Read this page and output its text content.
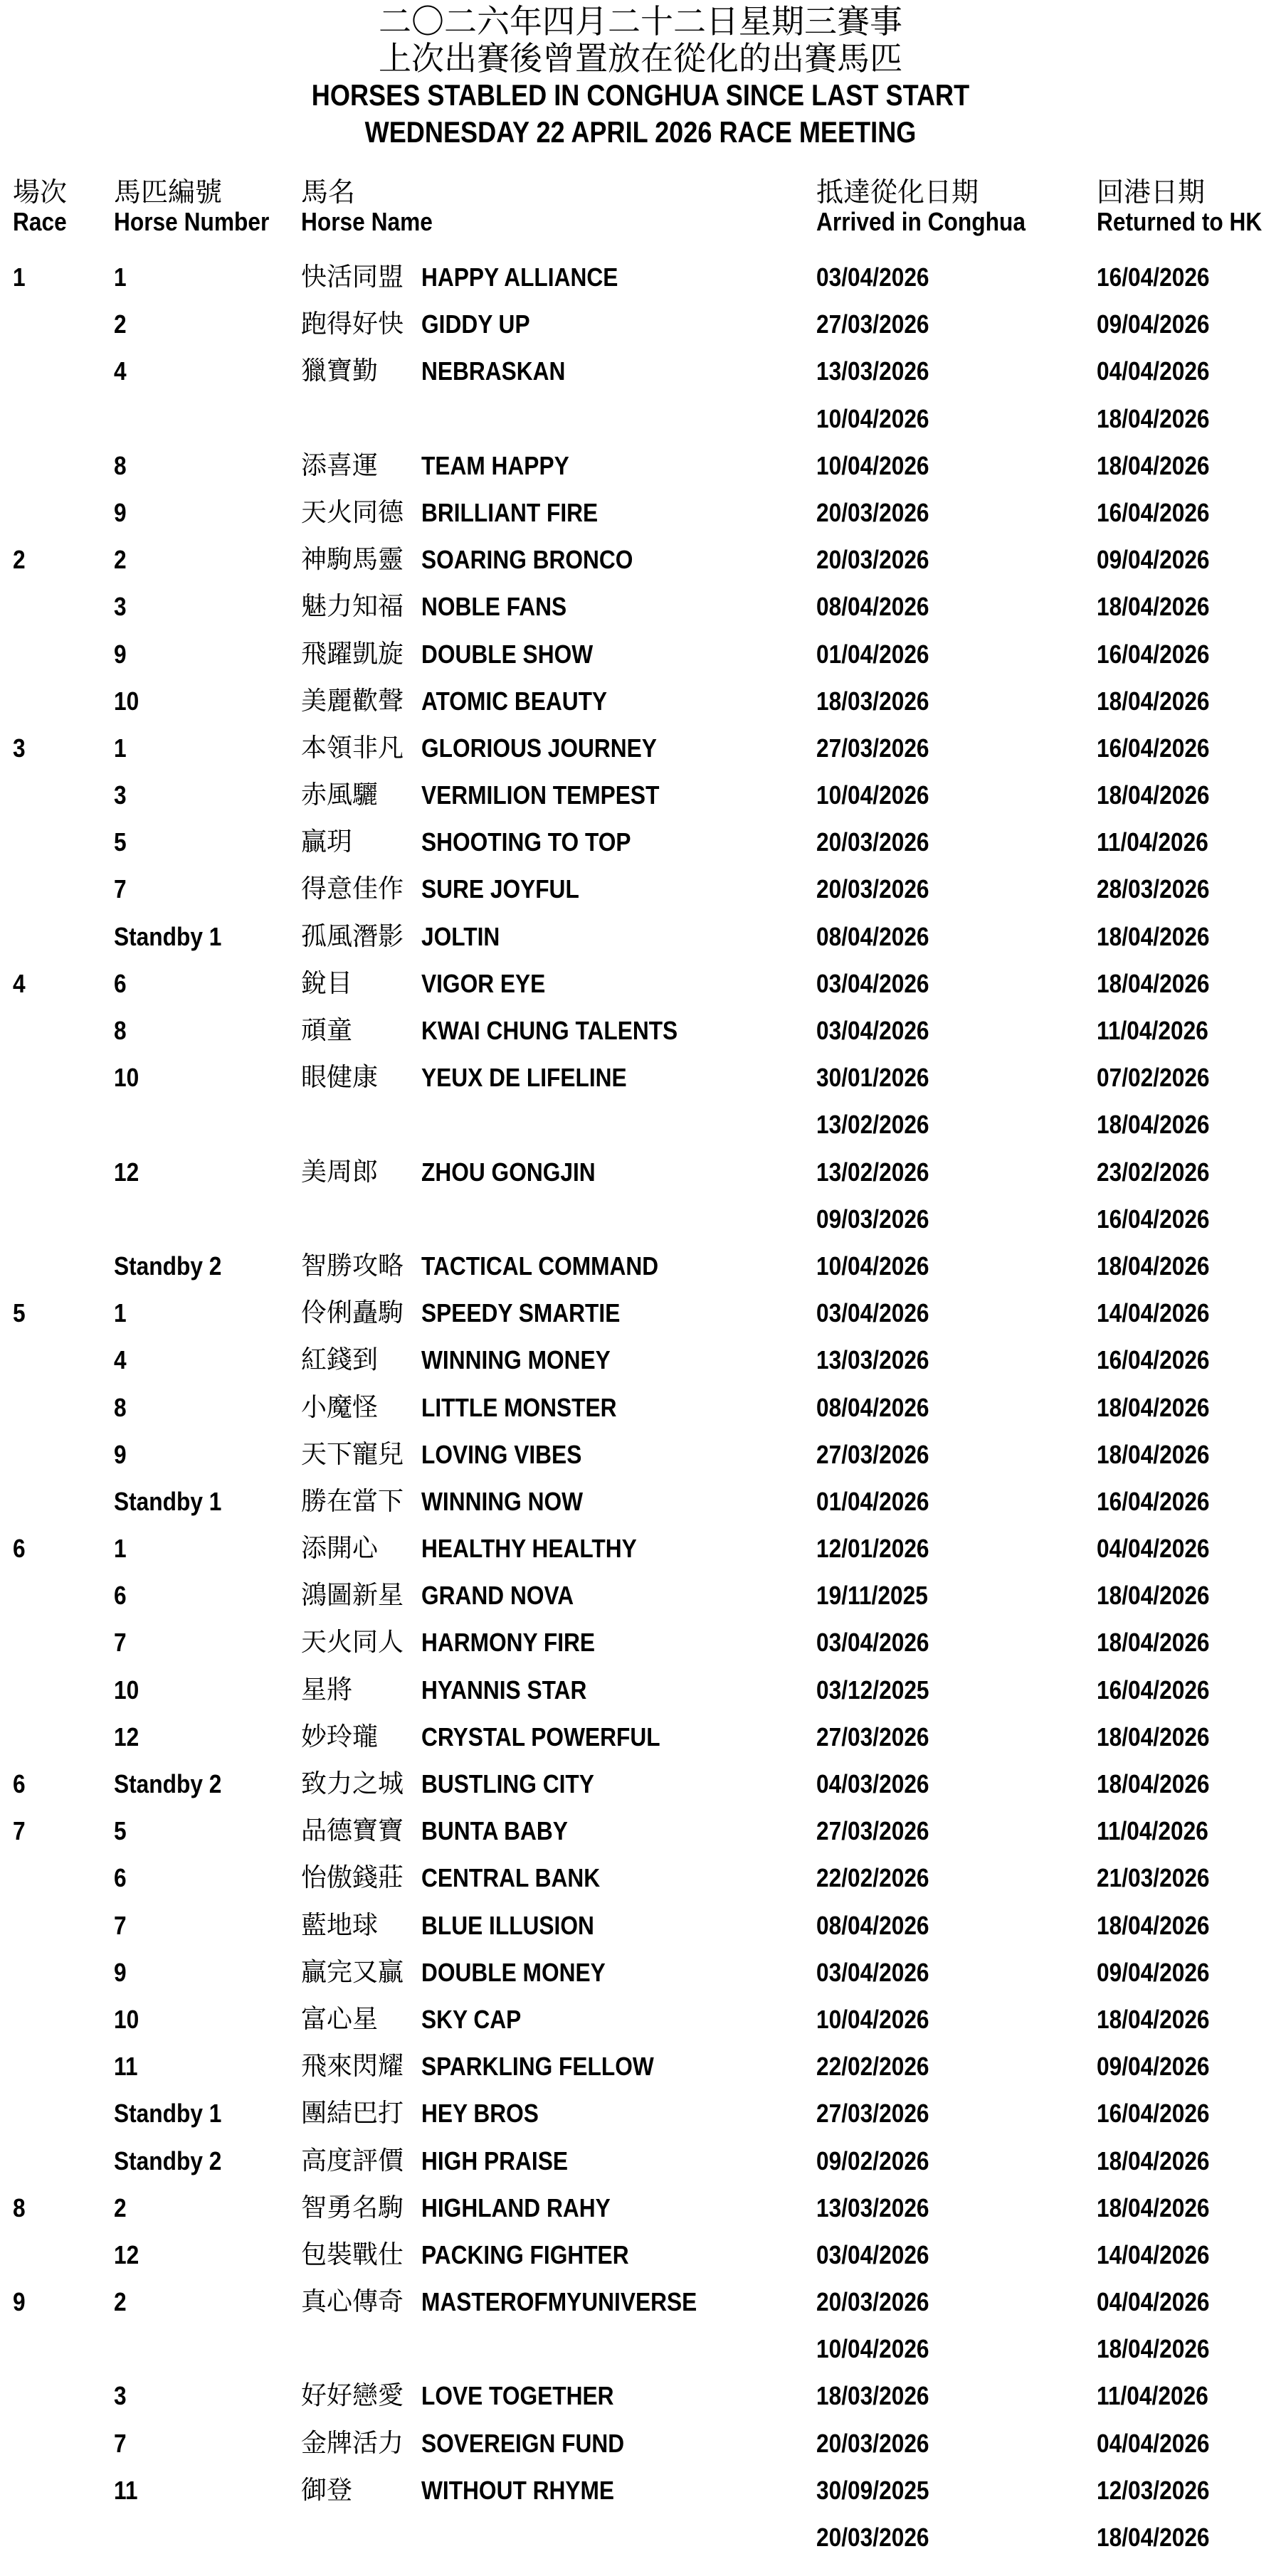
二〇二六年四月二十二日星期三賽事
上次出賽後曾置放在從化的出賽馬匹
HORSES STABLED IN CONGHUA SINCE LAST START
WEDNESDAY 22 APRIL 2026 RACE MEETING
場次
Race
馬匹編號
Horse Number
馬名
Horse Name
抵達從化日期
Arrived in Conghua
回港日期
Returned to HK
1	1	快活同盟 HAPPY ALLIANCE	03/04/2026	16/04/2026
2	跑得好快 GIDDY UP	27/03/2026	09/04/2026
4	獵寶勤 NEBRASKAN	13/03/2026	04/04/2026
10/04/2026	18/04/2026
8	添喜運 TEAM HAPPY	10/04/2026	18/04/2026
9	天火同德 BRILLIANT FIRE	20/03/2026	16/04/2026
2	2	神駒馬靈 SOARING BRONCO	20/03/2026	09/04/2026
3	魅力知福 NOBLE FANS	08/04/2026	18/04/2026
9	飛躍凱旋 DOUBLE SHOW	01/04/2026	16/04/2026
10	美麗歡聲 ATOMIC BEAUTY	18/03/2026	18/04/2026
3	1	本領非凡 GLORIOUS JOURNEY	27/03/2026	16/04/2026
3	赤風驪 VERMILION TEMPEST	10/04/2026	18/04/2026
5	贏玥	SHOOTING TO TOP	20/03/2026	11/04/2026
7	得意佳作 SURE JOYFUL	20/03/2026	28/03/2026
Standby 1	孤風潛影 JOLTIN	08/04/2026	18/04/2026
4	6	銳目	VIGOR EYE	03/04/2026	18/04/2026
8	頑童	KWAI CHUNG TALENTS	03/04/2026	11/04/2026
10	眼健康 YEUX DE LIFELINE	30/01/2026	07/02/2026
13/02/2026	18/04/2026
12	美周郎 ZHOU GONGJIN	13/02/2026	23/02/2026
09/03/2026	16/04/2026
Standby 2	智勝攻略 TACTICAL COMMAND	10/04/2026	18/04/2026
5	1	伶俐矗駒 SPEEDY SMARTIE	03/04/2026	14/04/2026
4	紅錢到 WINNING MONEY	13/03/2026	16/04/2026
8	小魔怪 LITTLE MONSTER	08/04/2026	18/04/2026
9	天下寵兒 LOVING VIBES	27/03/2026	18/04/2026
Standby 1	勝在當下 WINNING NOW	01/04/2026	16/04/2026
6	1	添開心 HEALTHY HEALTHY	12/01/2026	04/04/2026
6	鴻圖新星 GRAND NOVA	19/11/2025	18/04/2026
7	天火同人 HARMONY FIRE	03/04/2026	18/04/2026
10	星將	HYANNIS STAR	03/12/2025	16/04/2026
12	妙玲瓏 CRYSTAL POWERFUL	27/03/2026	18/04/2026
6	Standby 2	致力之城 BUSTLING CITY	04/03/2026	18/04/2026
7	5	品德寶寶 BUNTA BABY	27/03/2026	11/04/2026
6	怡傲錢莊 CENTRAL BANK	22/02/2026	21/03/2026
7	藍地球 BLUE ILLUSION	08/04/2026	18/04/2026
9	贏完又贏 DOUBLE MONEY	03/04/2026	09/04/2026
10	富心星 SKY CAP	10/04/2026	18/04/2026
11	飛來閃耀 SPARKLING FELLOW	22/02/2026	09/04/2026
Standby 1	團結巴打 HEY BROS	27/03/2026	16/04/2026
Standby 2	高度評價 HIGH PRAISE	09/02/2026	18/04/2026
8	2	智勇名駒 HIGHLAND RAHY	13/03/2026	18/04/2026
12	包裝戰仕 PACKING FIGHTER	03/04/2026	14/04/2026
9	2	真心傳奇 MASTEROFMYUNIVERSE	20/03/2026	04/04/2026
10/04/2026	18/04/2026
3	好好戀愛 LOVE TOGETHER	18/03/2026	11/04/2026
7	金牌活力 SOVEREIGN FUND	20/03/2026	04/04/2026
11	御登	WITHOUT RHYME	30/09/2025	12/03/2026
20/03/2026	18/04/2026
